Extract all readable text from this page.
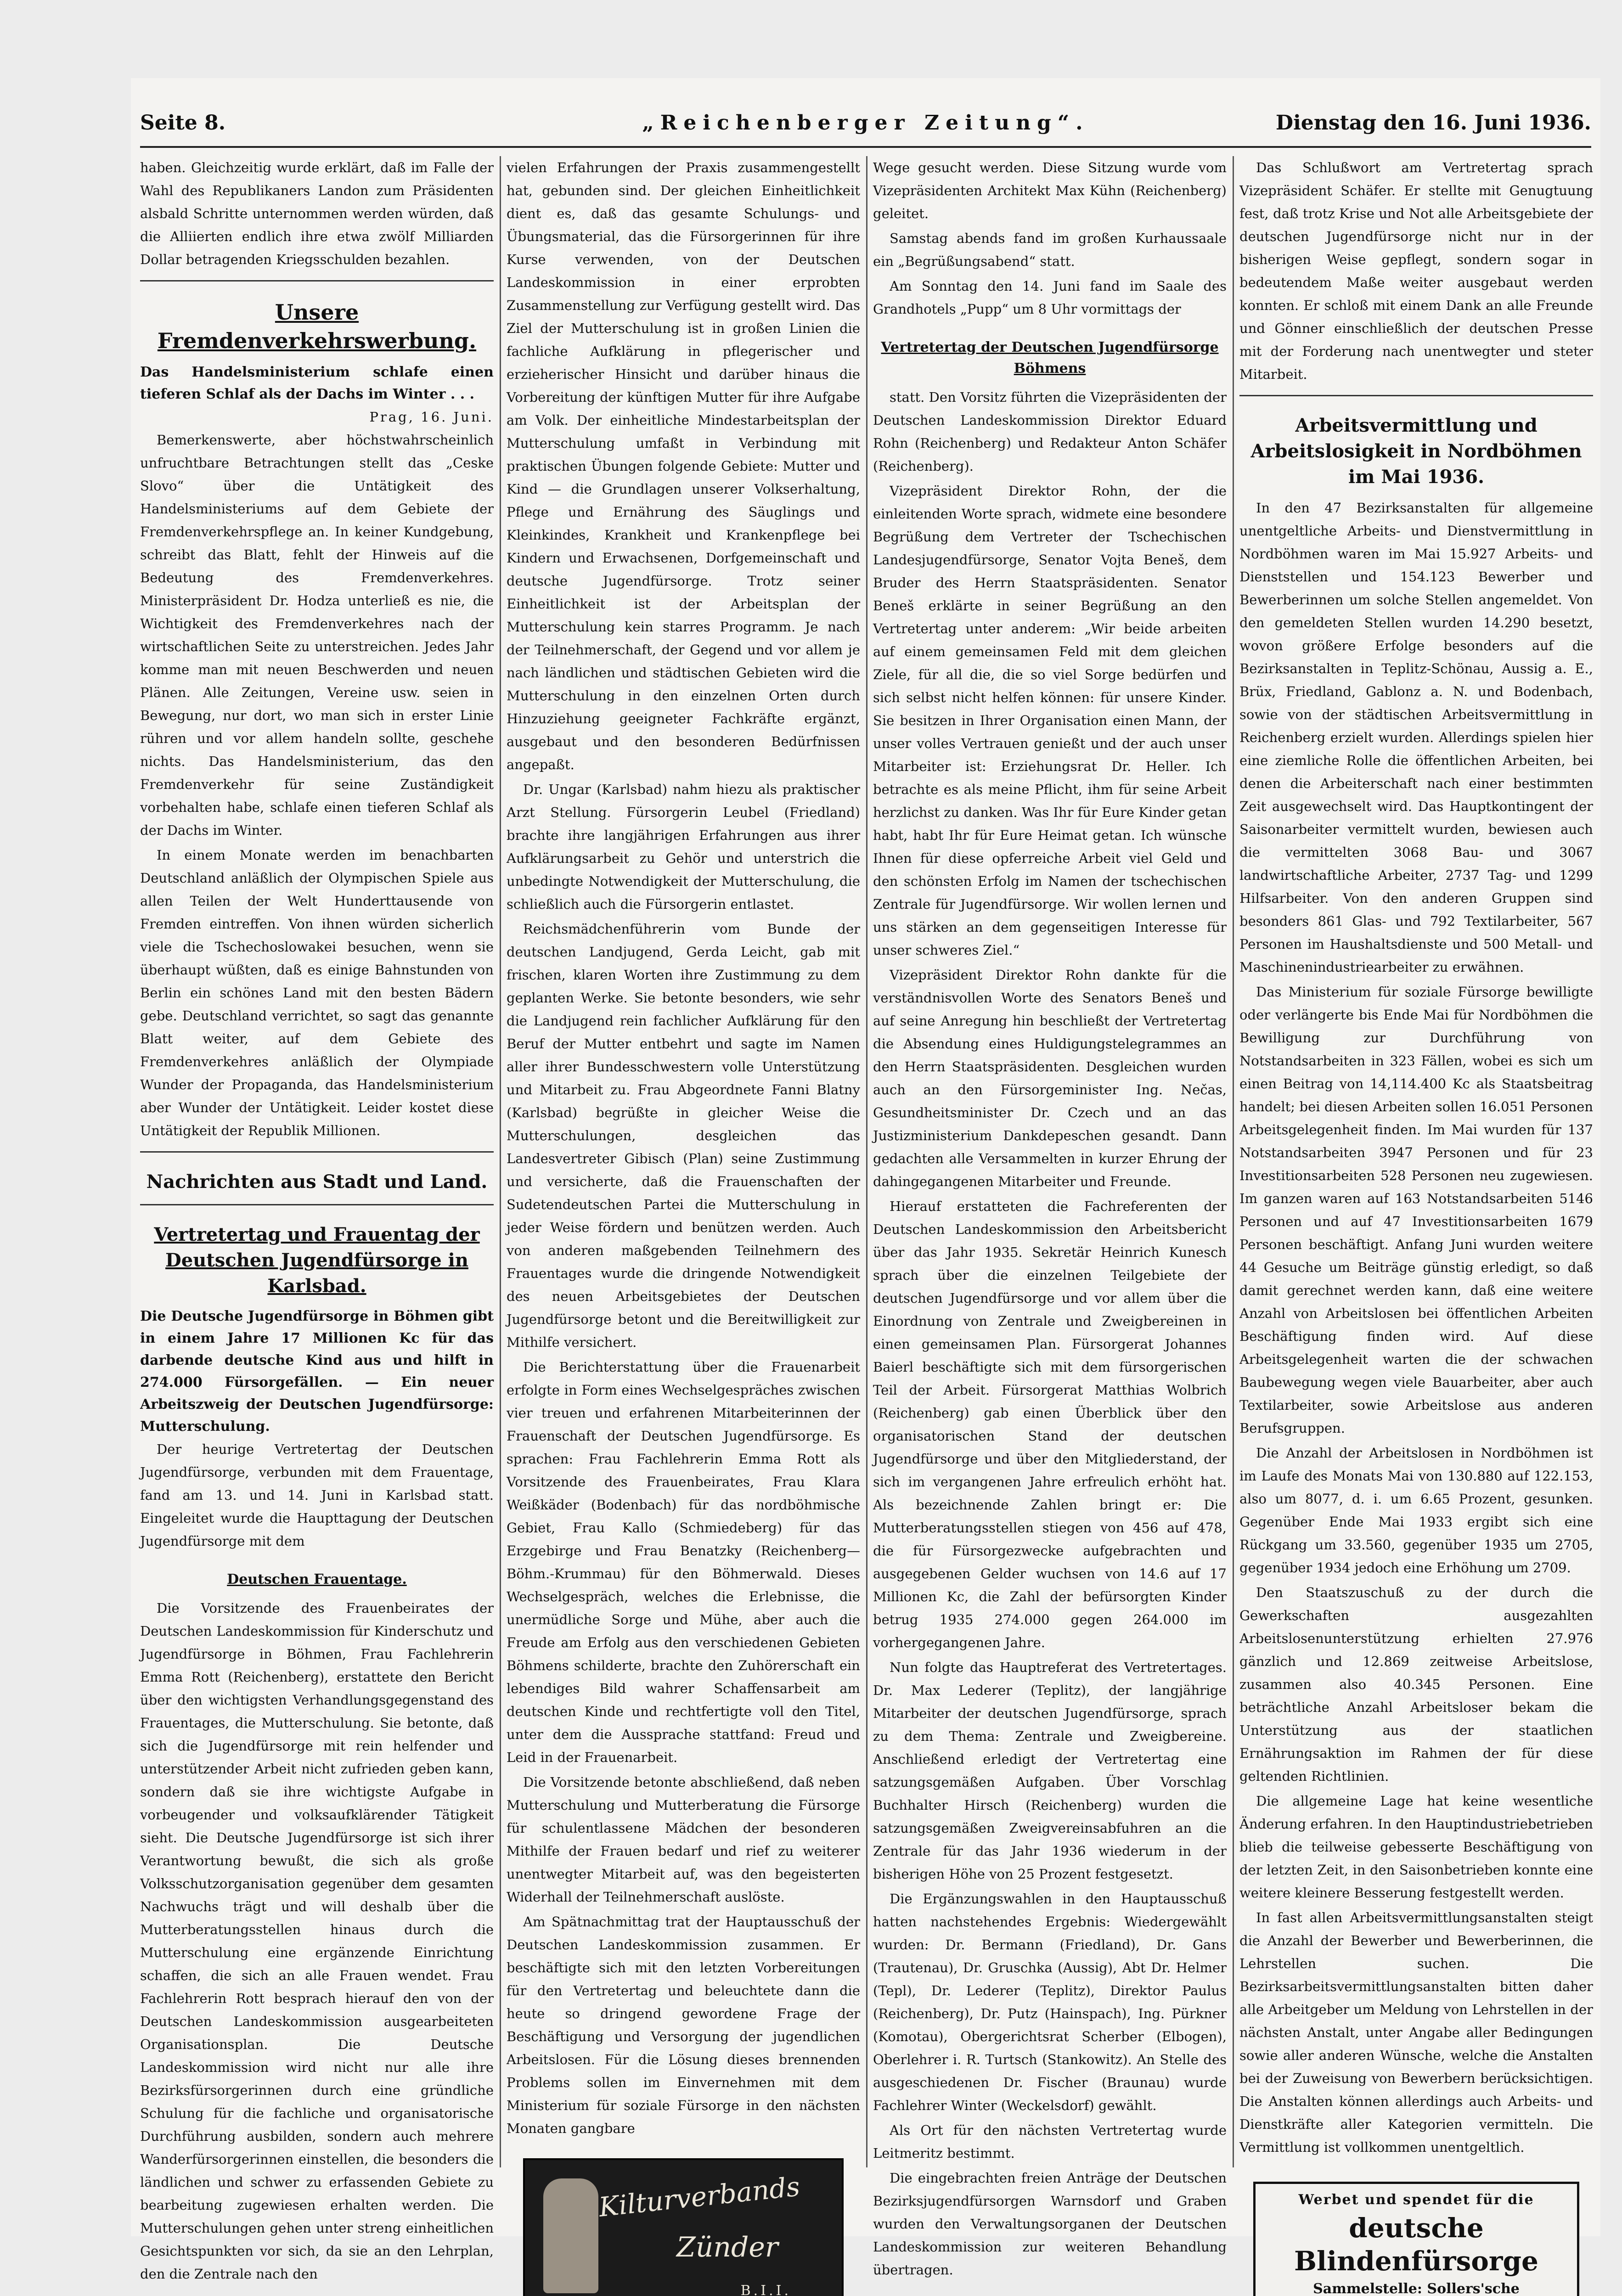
Seite 8.	„Reichenberger Zeitung“.	Dienstag den 16. Juni 1936.

haben. Gleichzeitig wurde erklärt, daß im Falle der Wahl des Republikaners Landon zum Präsidenten alsbald Schritte unternommen werden würden, daß die Alliierten endlich ihre etwa zwölf Milliarden Dollar betragenden Kriegsschulden bezahlen.

Unsere Fremdenverkehrswerbung.
Das Handelsministerium schlafe einen tieferen Schlaf als der Dachs im Winter . . .
Prag, 16. Juni.

Bemerkenswerte, aber höchstwahrscheinlich unfruchtbare Betrachtungen stellt das „Ceske Slovo“ über die Untätigkeit des Handelsministeriums auf dem Gebiete der Fremdenverkehrspflege an. In keiner Kundgebung, schreibt das Blatt, fehlt der Hinweis auf die Bedeutung des Fremdenverkehres. Ministerpräsident Dr. Hodza unterließ es nie, die Wichtigkeit des Fremdenverkehres nach der wirtschaftlichen Seite zu unterstreichen. Jedes Jahr komme man mit neuen Beschwerden und neuen Plänen. Alle Zeitungen, Vereine usw. seien in Bewegung, nur dort, wo man sich in erster Linie rühren und vor allem handeln sollte, geschehe nichts. Das Handelsministerium, das den Fremdenverkehr für seine Zuständigkeit vorbehalten habe, schlafe einen tieferen Schlaf als der Dachs im Winter.

In einem Monate werden im benachbarten Deutschland anläßlich der Olympischen Spiele aus allen Teilen der Welt Hunderttausende von Fremden eintreffen. Von ihnen würden sicherlich viele die Tschechoslowakei besuchen, wenn sie überhaupt wüßten, daß es einige Bahnstunden von Berlin ein schönes Land mit den besten Bädern gebe. Deutschland verrichtet, so sagt das genannte Blatt weiter, auf dem Gebiete des Fremdenverkehres anläßlich der Olympiade Wunder der Propaganda, das Handelsministerium aber Wunder der Untätigkeit. Leider kostet diese Untätigkeit der Republik Millionen.

Nachrichten aus Stadt und Land.
Vertretertag und Frauentag der Deutschen Jugendfürsorge in Karlsbad.
Die Deutsche Jugendfürsorge in Böhmen gibt in einem Jahre 17 Millionen Kc für das darbende deutsche Kind aus und hilft in 274.000 Fürsorgefällen. — Ein neuer Arbeitszweig der Deutschen Jugendfürsorge: Mutterschulung.

Der heurige Vertretertag der Deutschen Jugendfürsorge, verbunden mit dem Frauentage, fand am 13. und 14. Juni in Karlsbad statt. Eingeleitet wurde die Haupttagung der Deutschen Jugendfürsorge mit dem

Deutschen Frauentage.

Die Vorsitzende des Frauenbeirates der Deutschen Landeskommission für Kinderschutz und Jugendfürsorge in Böhmen, Frau Fachlehrerin Emma Rott (Reichenberg), erstattete den Bericht über den wichtigsten Verhandlungsgegenstand des Frauentages, die Mutterschulung. Sie betonte, daß sich die Jugendfürsorge mit rein helfender und unterstützender Arbeit nicht zufrieden geben kann, sondern daß sie ihre wichtigste Aufgabe in vorbeugender und volksaufklärender Tätigkeit sieht. Die Deutsche Jugendfürsorge ist sich ihrer Verantwortung bewußt, die sich als große Volksschutzorganisation gegenüber dem gesamten Nachwuchs trägt und will deshalb über die Mutterberatungsstellen hinaus durch die Mutterschulung eine ergänzende Einrichtung schaffen, die sich an alle Frauen wendet. Frau Fachlehrerin Rott besprach hierauf den von der Deutschen Landeskommission ausgearbeiteten Organisationsplan. Die Deutsche Landeskommission wird nicht nur alle ihre Bezirksfürsorgerinnen durch eine gründliche Schulung für die fachliche und organisatorische Durchführung ausbilden, sondern auch mehrere Wanderfürsorgerinnen einstellen, die besonders die ländlichen und schwer zu erfassenden Gebiete zu bearbeitung zugewiesen erhalten werden. Die Mutterschulungen gehen unter streng einheitlichen Gesichtspunkten vor sich, da sie an den Lehrplan, den die Zentrale nach den

vielen Erfahrungen der Praxis zusammengestellt hat, gebunden sind. Der gleichen Einheitlichkeit dient es, daß das gesamte Schulungs- und Übungsmaterial, das die Fürsorgerinnen für ihre Kurse verwenden, von der Deutschen Landeskommission in einer erprobten Zusammenstellung zur Verfügung gestellt wird. Das Ziel der Mutterschulung ist in großen Linien die fachliche Aufklärung in pflegerischer und erzieherischer Hinsicht und darüber hinaus die Vorbereitung der künftigen Mutter für ihre Aufgabe am Volk. Der einheitliche Mindestarbeitsplan der Mutterschulung umfaßt in Verbindung mit praktischen Übungen folgende Gebiete: Mutter und Kind — die Grundlagen unserer Volkserhaltung, Pflege und Ernährung des Säuglings und Kleinkindes, Krankheit und Krankenpflege bei Kindern und Erwachsenen, Dorfgemeinschaft und deutsche Jugendfürsorge. Trotz seiner Einheitlichkeit ist der Arbeitsplan der Mutterschulung kein starres Programm. Je nach der Teilnehmerschaft, der Gegend und vor allem je nach ländlichen und städtischen Gebieten wird die Mutterschulung in den einzelnen Orten durch Hinzuziehung geeigneter Fachkräfte ergänzt, ausgebaut und den besonderen Bedürfnissen angepaßt.

Dr. Ungar (Karlsbad) nahm hiezu als praktischer Arzt Stellung. Fürsorgerin Leubel (Friedland) brachte ihre langjährigen Erfahrungen aus ihrer Aufklärungsarbeit zu Gehör und unterstrich die unbedingte Notwendigkeit der Mutterschulung, die schließlich auch die Fürsorgerin entlastet.

Reichsmädchenführerin vom Bunde der deutschen Landjugend, Gerda Leicht, gab mit frischen, klaren Worten ihre Zustimmung zu dem geplanten Werke. Sie betonte besonders, wie sehr die Landjugend rein fachlicher Aufklärung für den Beruf der Mutter entbehrt und sagte im Namen aller ihrer Bundesschwestern volle Unterstützung und Mitarbeit zu. Frau Abgeordnete Fanni Blatny (Karlsbad) begrüßte in gleicher Weise die Mutterschulungen, desgleichen das Landesvertreter Gibisch (Plan) seine Zustimmung und versicherte, daß die Frauenschaften der Sudetendeutschen Partei die Mutterschulung in jeder Weise fördern und benützen werden. Auch von anderen maßgebenden Teilnehmern des Frauentages wurde die dringende Notwendigkeit des neuen Arbeitsgebietes der Deutschen Jugendfürsorge betont und die Bereitwilligkeit zur Mithilfe versichert.

Die Berichterstattung über die Frauenarbeit erfolgte in Form eines Wechselgespräches zwischen vier treuen und erfahrenen Mitarbeiterinnen der Frauenschaft der Deutschen Jugendfürsorge. Es sprachen: Frau Fachlehrerin Emma Rott als Vorsitzende des Frauenbeirates, Frau Klara Weißkäder (Bodenbach) für das nordböhmische Gebiet, Frau Kallo (Schmiedeberg) für das Erzgebirge und Frau Benatzky (Reichenberg—Böhm.-Krummau) für den Böhmerwald. Dieses Wechselgespräch, welches die Erlebnisse, die unermüdliche Sorge und Mühe, aber auch die Freude am Erfolg aus den verschiedenen Gebieten Böhmens schilderte, brachte den Zuhörerschaft ein lebendiges Bild wahrer Schaffensarbeit am deutschen Kinde und rechtfertigte voll den Titel, unter dem die Aussprache stattfand: Freud und Leid in der Frauenarbeit.

Die Vorsitzende betonte abschließend, daß neben Mutterschulung und Mutterberatung die Fürsorge für schulentlassene Mädchen der besonderen Mithilfe der Frauen bedarf und rief zu weiterer unentwegter Mitarbeit auf, was den begeisterten Widerhall der Teilnehmerschaft auslöste.

Am Spätnachmittag trat der Hauptausschuß der Deutschen Landeskommission zusammen. Er beschäftigte sich mit den letzten Vorbereitungen für den Vertretertag und beleuchtete dann die heute so dringend gewordene Frage der Beschäftigung und Versorgung der jugendlichen Arbeitslosen. Für die Lösung dieses brennenden Problems sollen im Einvernehmen mit dem Ministerium für soziale Fürsorge in den nächsten Monaten gangbare

Kilturverbands
Zünder
B.I.I.

Wege gesucht werden. Diese Sitzung wurde vom Vizepräsidenten Architekt Max Kühn (Reichenberg) geleitet.

Samstag abends fand im großen Kurhaussaale ein „Begrüßungsabend“ statt.

Am Sonntag den 14. Juni fand im Saale des Grandhotels „Pupp“ um 8 Uhr vormittags der

Vertretertag der Deutschen Jugendfürsorge Böhmens

statt. Den Vorsitz führten die Vizepräsidenten der Deutschen Landeskommission Direktor Eduard Rohn (Reichenberg) und Redakteur Anton Schäfer (Reichenberg).

Vizepräsident Direktor Rohn, der die einleitenden Worte sprach, widmete eine besondere Begrüßung dem Vertreter der Tschechischen Landesjugendfürsorge, Senator Vojta Beneš, dem Bruder des Herrn Staatspräsidenten. Senator Beneš erklärte in seiner Begrüßung an den Vertretertag unter anderem: „Wir beide arbeiten auf einem gemeinsamen Feld mit dem gleichen Ziele, für all die, die so viel Sorge bedürfen und sich selbst nicht helfen können: für unsere Kinder. Sie besitzen in Ihrer Organisation einen Mann, der unser volles Vertrauen genießt und der auch unser Mitarbeiter ist: Erziehungsrat Dr. Heller. Ich betrachte es als meine Pflicht, ihm für seine Arbeit herzlichst zu danken. Was Ihr für Eure Kinder getan habt, habt Ihr für Eure Heimat getan. Ich wünsche Ihnen für diese opferreiche Arbeit viel Geld und den schönsten Erfolg im Namen der tschechischen Zentrale für Jugendfürsorge. Wir wollen lernen und uns stärken an dem gegenseitigen Interesse für unser schweres Ziel.“

Vizepräsident Direktor Rohn dankte für die verständnisvollen Worte des Senators Beneš und auf seine Anregung hin beschließt der Vertretertag die Absendung eines Huldigungstelegrammes an den Herrn Staatspräsidenten. Desgleichen wurden auch an den Fürsorgeminister Ing. Nečas, Gesundheitsminister Dr. Czech und an das Justizministerium Dankdepeschen gesandt. Dann gedachten alle Versammelten in kurzer Ehrung der dahingegangenen Mitarbeiter und Freunde.

Hierauf erstatteten die Fachreferenten der Deutschen Landeskommission den Arbeitsbericht über das Jahr 1935. Sekretär Heinrich Kunesch sprach über die einzelnen Teilgebiete der deutschen Jugendfürsorge und vor allem über die Einordnung von Zentrale und Zweigbereinen in einen gemeinsamen Plan. Fürsorgerat Johannes Baierl beschäftigte sich mit dem fürsorgerischen Teil der Arbeit. Fürsorgerat Matthias Wolbrich (Reichenberg) gab einen Überblick über den organisatorischen Stand der deutschen Jugendfürsorge und über den Mitgliederstand, der sich im vergangenen Jahre erfreulich erhöht hat. Als bezeichnende Zahlen bringt er: Die Mutterberatungsstellen stiegen von 456 auf 478, die für Fürsorgezwecke aufgebrachten und ausgegebenen Gelder wuchsen von 14.6 auf 17 Millionen Kc, die Zahl der befürsorgten Kinder betrug 1935 274.000 gegen 264.000 im vorhergegangenen Jahre.

Nun folgte das Hauptreferat des Vertretertages. Dr. Max Lederer (Teplitz), der langjährige Mitarbeiter der deutschen Jugendfürsorge, sprach zu dem Thema: Zentrale und Zweigbereine. Anschließend erledigt der Vertretertag eine satzungsgemäßen Aufgaben. Über Vorschlag Buchhalter Hirsch (Reichenberg) wurden die satzungsgemäßen Zweigvereinsabfuhren an die Zentrale für das Jahr 1936 wiederum in der bisherigen Höhe von 25 Prozent festgesetzt.

Die Ergänzungswahlen in den Hauptausschuß hatten nachstehendes Ergebnis: Wiedergewählt wurden: Dr. Bermann (Friedland), Dr. Gans (Trautenau), Dr. Gruschka (Aussig), Abt Dr. Helmer (Tepl), Dr. Lederer (Teplitz), Direktor Paulus (Reichenberg), Dr. Putz (Hainspach), Ing. Pürkner (Komotau), Obergerichtsrat Scherber (Elbogen), Oberlehrer i. R. Turtsch (Stankowitz). An Stelle des ausgeschiedenen Dr. Fischer (Braunau) wurde Fachlehrer Winter (Weckelsdorf) gewählt.

Als Ort für den nächsten Vertretertag wurde Leitmeritz bestimmt.

Die eingebrachten freien Anträge der Deutschen Bezirksjugendfürsorgen Warnsdorf und Graben wurden den Verwaltungsorganen der Deutschen Landeskommission zur weiteren Behandlung übertragen.

Das Schlußwort am Vertretertag sprach Vizepräsident Schäfer. Er stellte mit Genugtuung fest, daß trotz Krise und Not alle Arbeitsgebiete der deutschen Jugendfürsorge nicht nur in der bisherigen Weise gepflegt, sondern sogar in bedeutendem Maße weiter ausgebaut werden konnten. Er schloß mit einem Dank an alle Freunde und Gönner einschließlich der deutschen Presse mit der Forderung nach unentwegter und steter Mitarbeit.

Arbeitsvermittlung und Arbeitslosigkeit in Nordböhmen im Mai 1936.

In den 47 Bezirksanstalten für allgemeine unentgeltliche Arbeits- und Dienstvermittlung in Nordböhmen waren im Mai 15.927 Arbeits- und Dienststellen und 154.123 Bewerber und Bewerberinnen um solche Stellen angemeldet. Von den gemeldeten Stellen wurden 14.290 besetzt, wovon größere Erfolge besonders auf die Bezirksanstalten in Teplitz-Schönau, Aussig a. E., Brüx, Friedland, Gablonz a. N. und Bodenbach, sowie von der städtischen Arbeitsvermittlung in Reichenberg erzielt wurden. Allerdings spielen hier eine ziemliche Rolle die öffentlichen Arbeiten, bei denen die Arbeiterschaft nach einer bestimmten Zeit ausgewechselt wird. Das Hauptkontingent der Saisonarbeiter vermittelt wurden, bewiesen auch die vermittelten 3068 Bau- und 3067 landwirtschaftliche Arbeiter, 2737 Tag- und 1299 Hilfsarbeiter. Von den anderen Gruppen sind besonders 861 Glas- und 792 Textilarbeiter, 567 Personen im Haushaltsdienste und 500 Metall- und Maschinenindustriearbeiter zu erwähnen.

Das Ministerium für soziale Fürsorge bewilligte oder verlängerte bis Ende Mai für Nordböhmen die Bewilligung zur Durchführung von Notstandsarbeiten in 323 Fällen, wobei es sich um einen Beitrag von 14,114.400 Kc als Staatsbeitrag handelt; bei diesen Arbeiten sollen 16.051 Personen Arbeitsgelegenheit finden. Im Mai wurden für 137 Notstandsarbeiten 3947 Personen und für 23 Investitionsarbeiten 528 Personen neu zugewiesen. Im ganzen waren auf 163 Notstandsarbeiten 5146 Personen und auf 47 Investitionsarbeiten 1679 Personen beschäftigt. Anfang Juni wurden weitere 44 Gesuche um Beiträge günstig erledigt, so daß damit gerechnet werden kann, daß eine weitere Anzahl von Arbeitslosen bei öffentlichen Arbeiten Beschäftigung finden wird. Auf diese Arbeitsgelegenheit warten die der schwachen Baubewegung wegen viele Bauarbeiter, aber auch Textilarbeiter, sowie Arbeitslose aus anderen Berufsgruppen.

Die Anzahl der Arbeitslosen in Nordböhmen ist im Laufe des Monats Mai von 130.880 auf 122.153, also um 8077, d. i. um 6.65 Prozent, gesunken. Gegenüber Ende Mai 1933 ergibt sich eine Rückgang um 33.560, gegenüber 1935 um 2705, gegenüber 1934 jedoch eine Erhöhung um 2709.

Den Staatszuschuß zu der durch die Gewerkschaften ausgezahlten Arbeitslosenunterstützung erhielten 27.976 gänzlich und 12.869 zeitweise Arbeitslose, zusammen also 40.345 Personen. Eine beträchtliche Anzahl Arbeitsloser bekam die Unterstützung aus der staatlichen Ernährungsaktion im Rahmen der für diese geltenden Richtlinien.

Die allgemeine Lage hat keine wesentliche Änderung erfahren. In den Hauptindustriebetrieben blieb die teilweise gebesserte Beschäftigung von der letzten Zeit, in den Saisonbetrieben konnte eine weitere kleinere Besserung festgestellt werden.

In fast allen Arbeitsvermittlungsanstalten steigt die Anzahl der Bewerber und Bewerberinnen, die Lehrstellen suchen. Die Bezirksarbeitsvermittlungsanstalten bitten daher alle Arbeitgeber um Meldung von Lehrstellen in der nächsten Anstalt, unter Angabe aller Bedingungen sowie aller anderen Wünsche, welche die Anstalten bei der Zuweisung von Bewerbern berücksichtigen. Die Anstalten können allerdings auch Arbeits- und Dienstkräfte aller Kategorien vermitteln. Die Vermittlung ist vollkommen unentgeltlich.

Werbet und spendet für die
deutsche Blindenfürsorge
Sammelstelle: Sollers'sche
